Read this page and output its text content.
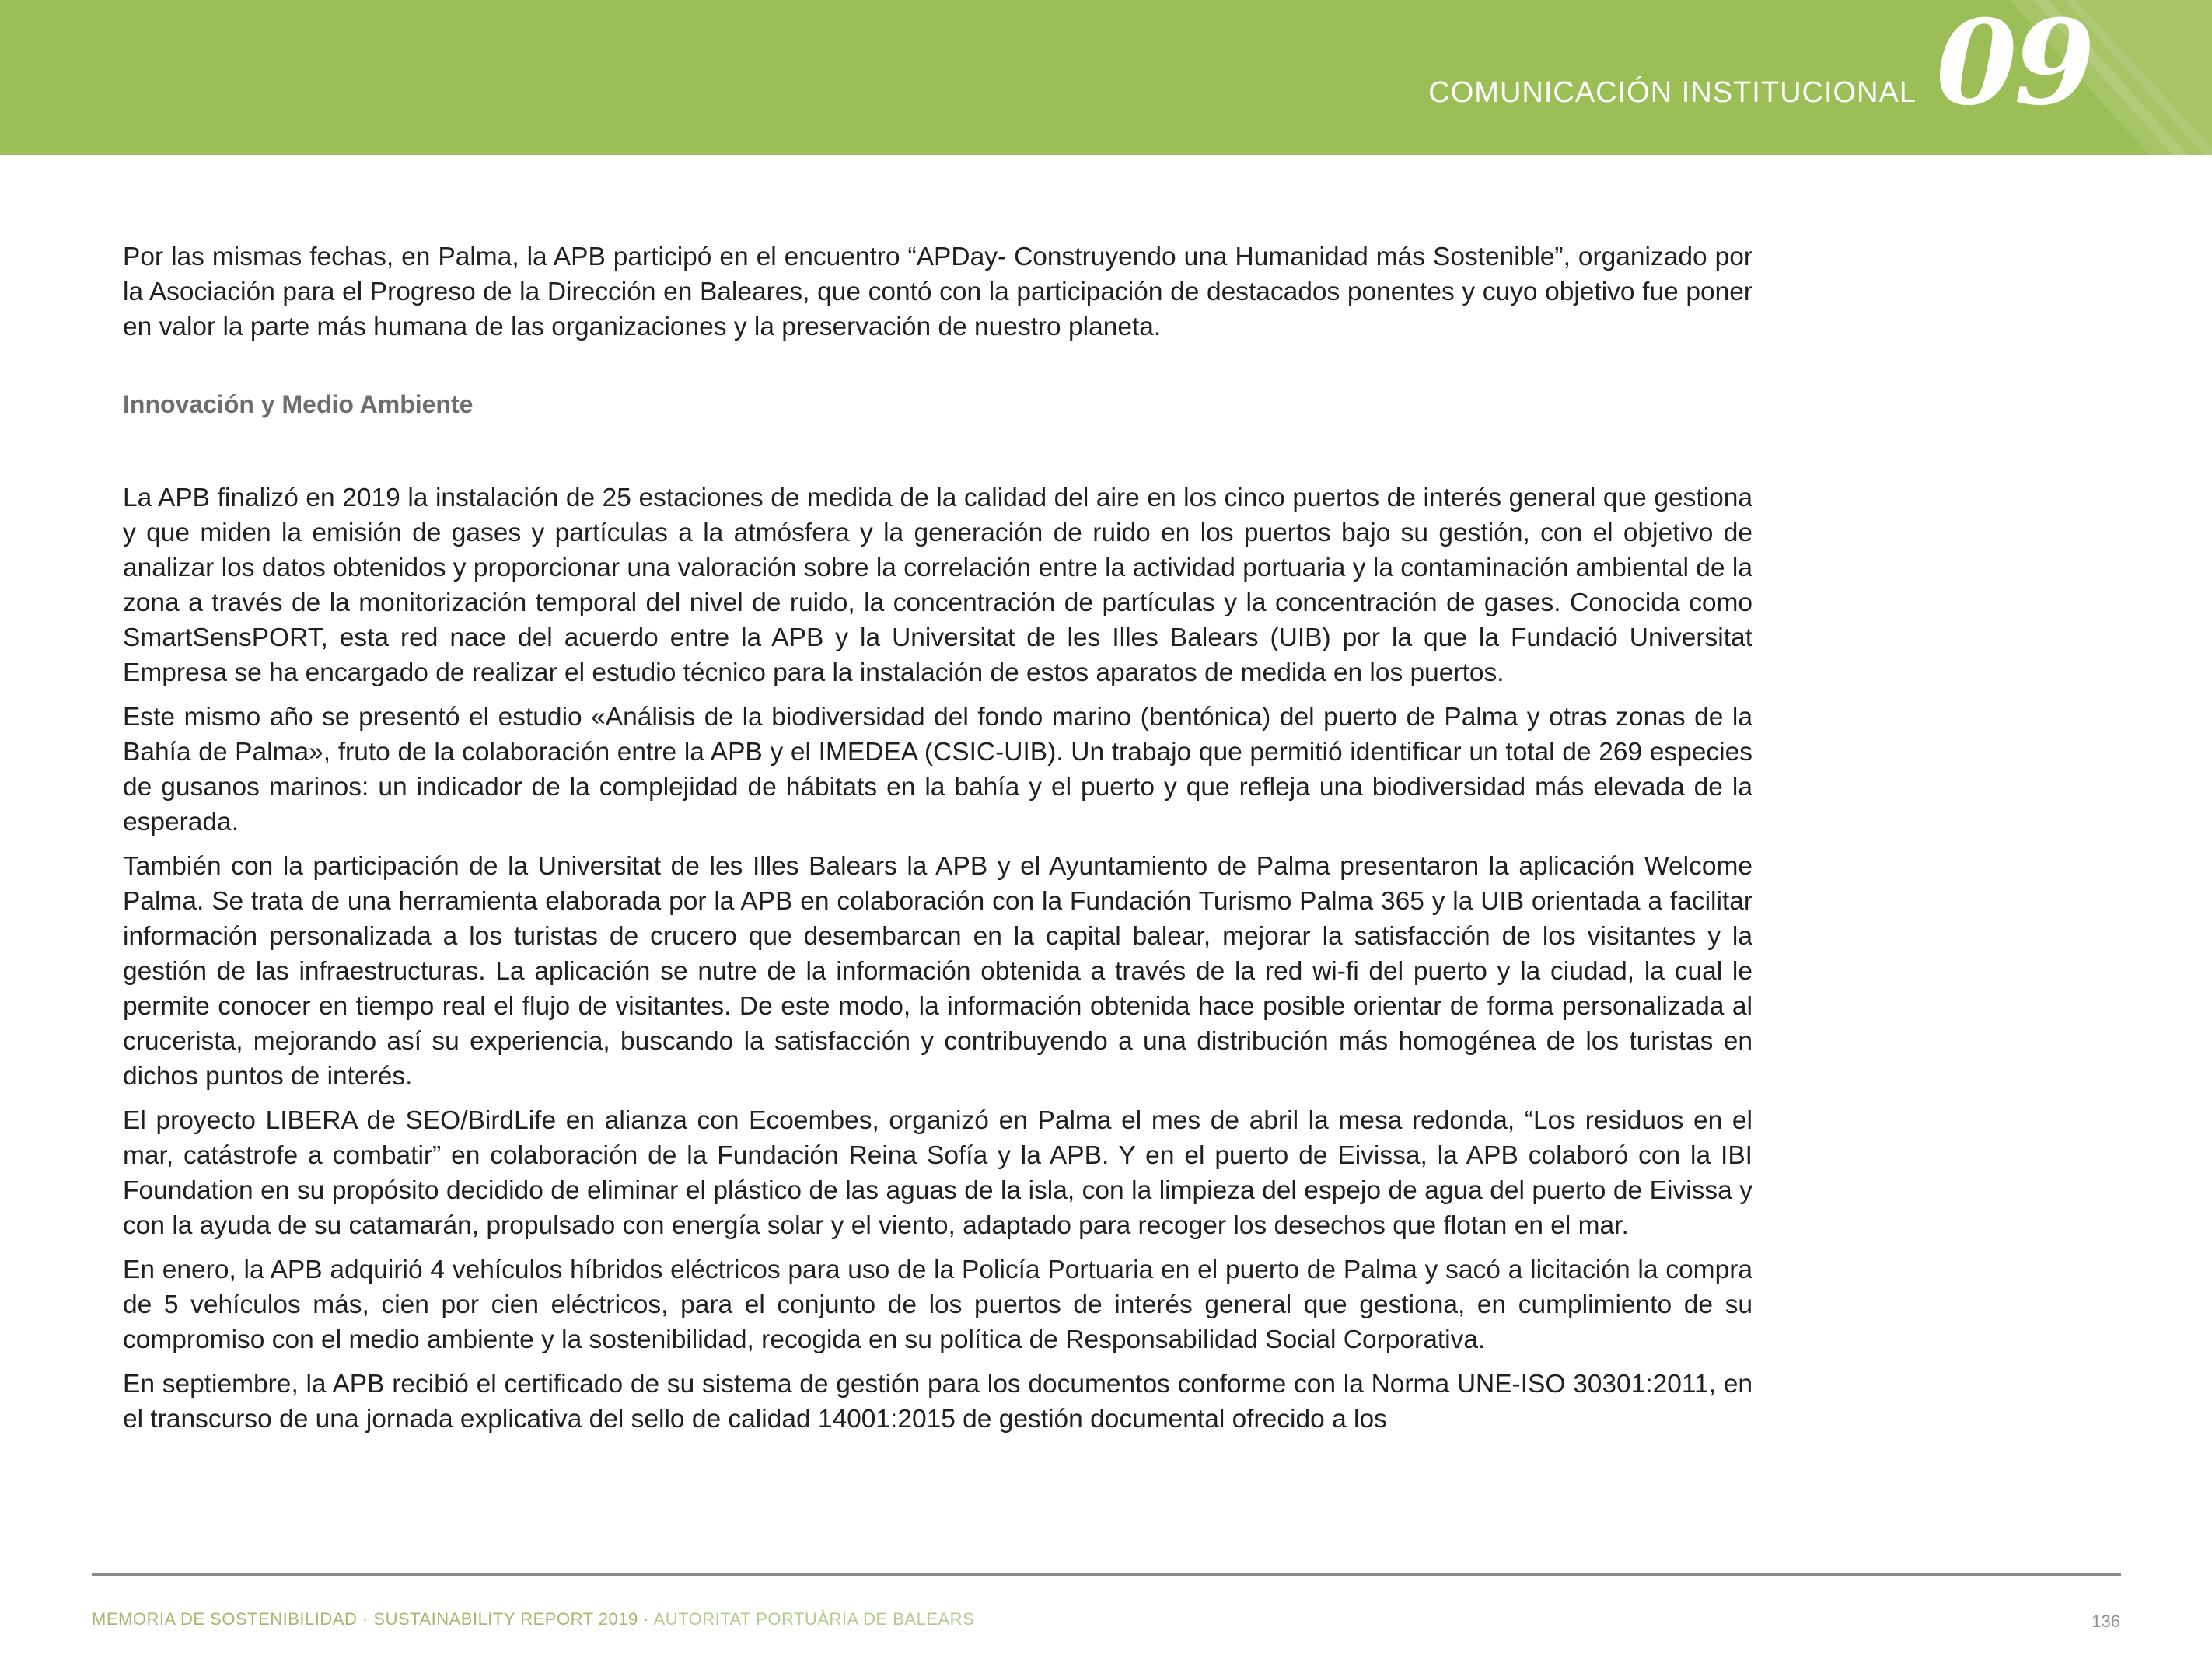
COMUNICACIÓN INSTITUCIONAL 09

Por las mismas fechas, en Palma, la APB participó en el encuentro “APDay- Construyendo una Humanidad más Sostenible”, organizado por la Asociación para el Progreso de la Dirección en Baleares, que contó con la participación de destacados ponentes y cuyo objetivo fue poner en valor la parte más humana de las organizaciones y la preservación de nuestro planeta.

Innovación y Medio Ambiente

La APB finalizó en 2019 la instalación de 25 estaciones de medida de la calidad del aire en los cinco puertos de interés general que gestiona y que miden la emisión de gases y partículas a la atmósfera y la generación de ruido en los puertos bajo su gestión, con el objetivo de analizar los datos obtenidos y proporcionar una valoración sobre la correlación entre la actividad portuaria y la contaminación ambiental de la zona a través de la monitorización temporal del nivel de ruido, la concentración de partículas y la concentración de gases. Conocida como SmartSensPORT, esta red nace del acuerdo entre la APB y la Universitat de les Illes Balears (UIB) por la que la Fundació Universitat Empresa se ha encargado de realizar el estudio técnico para la instalación de estos aparatos de medida en los puertos.

Este mismo año se presentó el estudio «Análisis de la biodiversidad del fondo marino (bentónica) del puerto de Palma y otras zonas de la Bahía de Palma», fruto de la colaboración entre la APB y el IMEDEA (CSIC-UIB). Un trabajo que permitió identificar un total de 269 especies de gusanos marinos: un indicador de la complejidad de hábitats en la bahía y el puerto y que refleja una biodiversidad más elevada de la esperada.

También con la participación de la Universitat de les Illes Balears la APB y el Ayuntamiento de Palma presentaron la aplicación Welcome Palma. Se trata de una herramienta elaborada por la APB en colaboración con la Fundación Turismo Palma 365 y la UIB orientada a facilitar información personalizada a los turistas de crucero que desembarcan en la capital balear, mejorar la satisfacción de los visitantes y la gestión de las infraestructuras. La aplicación se nutre de la información obtenida a través de la red wi-fi del puerto y la ciudad, la cual le permite conocer en tiempo real el flujo de visitantes. De este modo, la información obtenida hace posible orientar de forma personalizada al crucerista, mejorando así su experiencia, buscando la satisfacción y contribuyendo a una distribución más homogénea de los turistas en dichos puntos de interés.

El proyecto LIBERA de SEO/BirdLife en alianza con Ecoembes, organizó en Palma el mes de abril la mesa redonda, “Los residuos en el mar, catástrofe a combatir” en colaboración de la Fundación Reina Sofía y la APB. Y en el puerto de Eivissa, la APB colaboró con la IBI Foundation en su propósito decidido de eliminar el plástico de las aguas de la isla, con la limpieza del espejo de agua del puerto de Eivissa y con la ayuda de su catamarán, propulsado con energía solar y el viento, adaptado para recoger los desechos que flotan en el mar.

En enero, la APB adquirió 4 vehículos híbridos eléctricos para uso de la Policía Portuaria en el puerto de Palma y sacó a licitación la compra de 5 vehículos más, cien por cien eléctricos, para el conjunto de los puertos de interés general que gestiona, en cumplimiento de su compromiso con el medio ambiente y la sostenibilidad, recogida en su política de Responsabilidad Social Corporativa.

En septiembre, la APB recibió el certificado de su sistema de gestión para los documentos conforme con la Norma UNE-ISO 30301:2011, en el transcurso de una jornada explicativa del sello de calidad 14001:2015 de gestión documental ofrecido a los

MEMORIA DE SOSTENIBILIDAD · SUSTAINABILITY REPORT 2019 · AUTORITAT PORTUÀRIA DE BALEARS	136
